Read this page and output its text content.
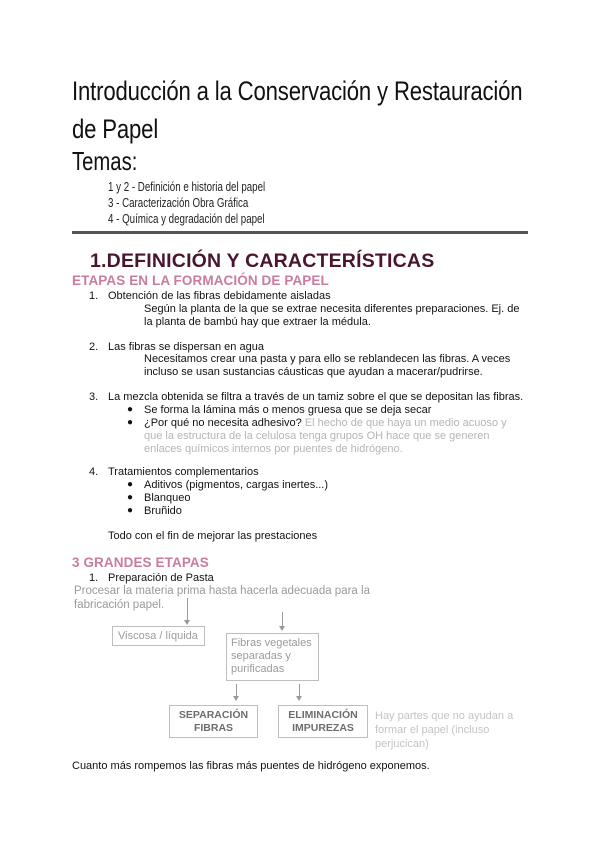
Introducción a la Conservación y Restauración
de Papel
Temas:
1 y 2 - Definición e historia del papel
3 - Caracterización Obra Gráfica
4 - Química y degradación del papel
1.DEFINICIÓN Y CARACTERÍSTICAS
ETAPAS EN LA FORMACIÓN DE PAPEL
1. Obtención de las fibras debidamente aisladas
Según la planta de la que se extrae necesita diferentes preparaciones. Ej. de
la planta de bambú hay que extraer la médula.
2. Las fibras se dispersan en agua
Necesitamos crear una pasta y para ello se reblandecen las fibras. A veces
incluso se usan sustancias cáusticas que ayudan a macerar/pudrirse.
3. La mezcla obtenida se filtra a través de un tamiz sobre el que se depositan las fibras.
● Se forma la lámina más o menos gruesa que se deja secar
● ¿Por qué no necesita adhesivo? El hecho de que haya un medio acuoso y
que la estructura de la celulosa tenga grupos OH hace que se generen
enlaces químicos internos por puentes de hidrógeno.
4. Tratamientos complementarios
● Aditivos (pigmentos, cargas inertes...)
● Blanqueo
● Bruñido
Todo con el fin de mejorar las prestaciones
3 GRANDES ETAPAS
1. Preparación de Pasta
Procesar la materia prima hasta hacerla adecuada para la
fabricación papel.
Viscosa / líquida
Fibras vegetales
separadas y
purificadas
SEPARACIÓN
FIBRAS
ELIMINACIÓN
IMPUREZAS
Hay partes que no ayudan a
formar el papel (incluso
perjucican)
Cuanto más rompemos las fibras más puentes de hidrógeno exponemos.
